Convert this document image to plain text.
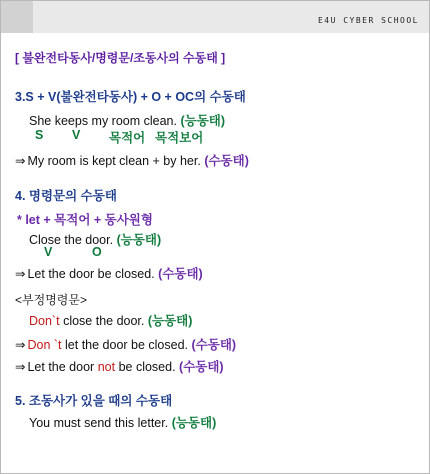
E4U CYBER SCHOOL
[ 불완전타동사/명령문/조동사의 수동태 ]
3.S + V(불완전타동사) + O + OC의 수동태
She keeps my room clean. (능동태)
S V 목적어 목적보어
⇒ My room is kept clean + by her. (수동태)
4. 명령문의 수동태
* let + 목적어 + 동사원형
Close the door. (능동태)
V	O
⇒ Let the door be closed. (수동태)
<부정명령문>
Don`t close the door. (능동태)
⇒ Don `t let the door be closed. (수동태)
⇒ Let the door not be closed. (수동태)
5. 조동사가 있을 때의 수동태
You must send this letter. (능동태)
